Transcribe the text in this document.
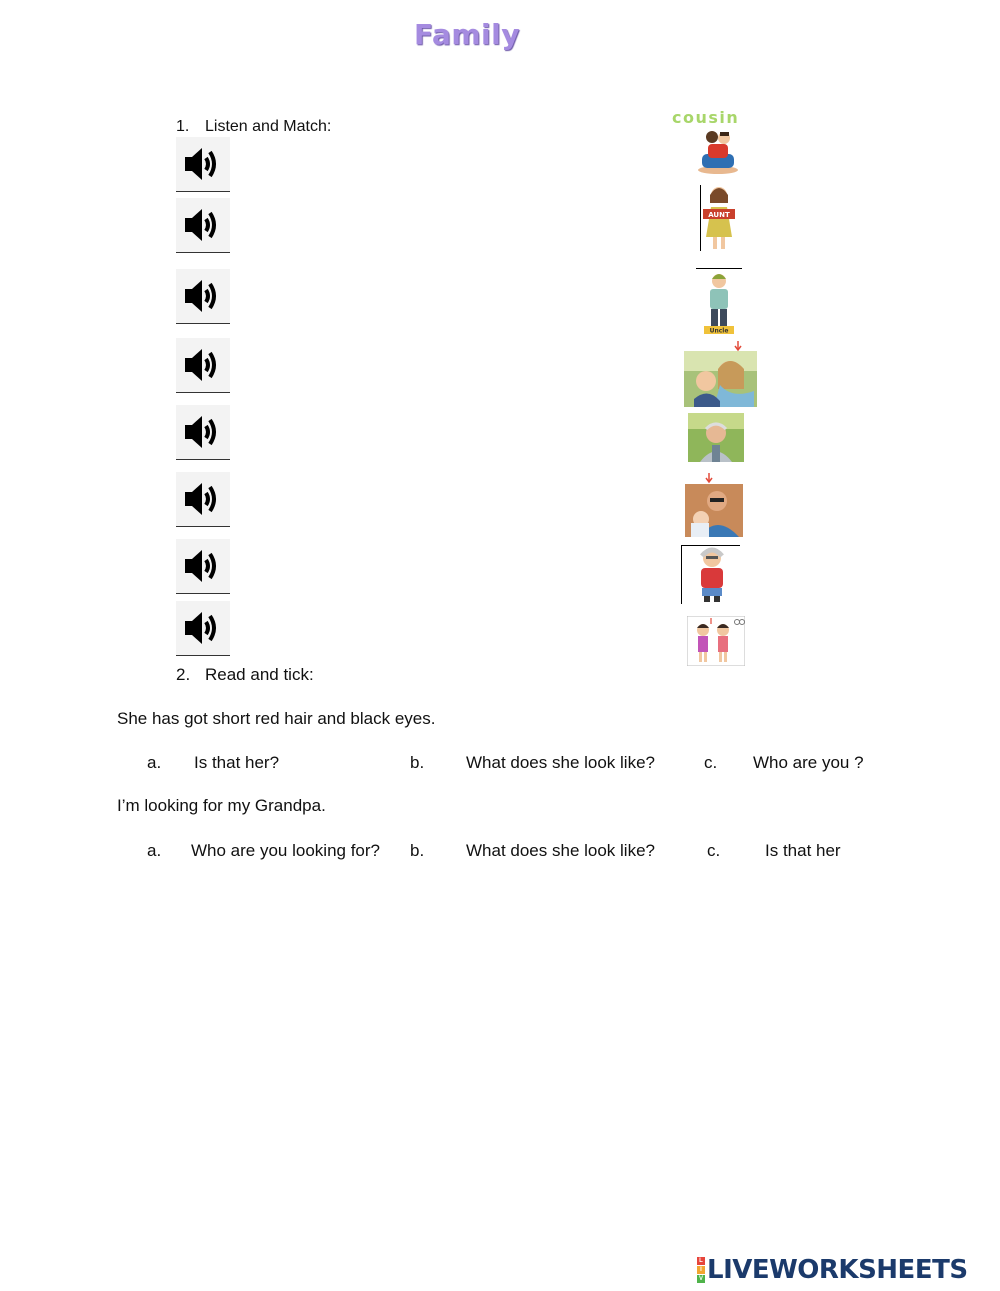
Family
1. Listen and Match:	cousin
AUNT
Uncle
2. Read and tick:
She has got short red hair and black eyes.
a. Is that her?	b. What does she look like?	c. Who are you ?
I’m looking for my Grandpa.
a. Who are you looking for? b. What does she look like?	c.	Is that her
L
I
V LIVEWORKSHEETS
